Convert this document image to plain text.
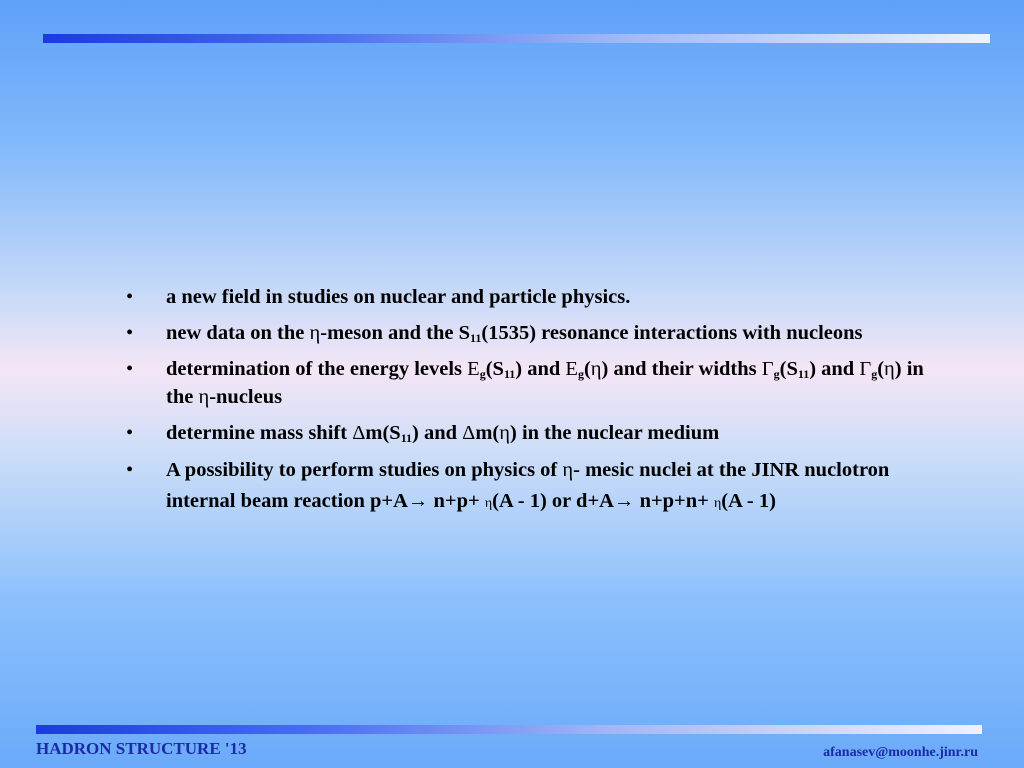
• a new field in studies on nuclear and particle physics.
• new data on the η-meson and the $S_{11}(1535)$ resonance interactions with nucleons
• determination of the energy levels $E_g(S_{11})$ and $E_g(\eta)$ and their widths $\Gamma_g(S_{11})$ and $\Gamma_g(\eta)$ in the η-nucleus
• determine mass shift $\Delta m(S_{11})$ and Δm(η) in the nuclear medium
• A possibility to perform studies on physics of η- mesic nuclei at the JINR nuclotron internal beam reaction p+A→ n+p+ η(A - 1) or d+A→ n+p+n+ η(A - 1)
HADRON STRUCTURE '13	afanasev@moonhe.jinr.ru
